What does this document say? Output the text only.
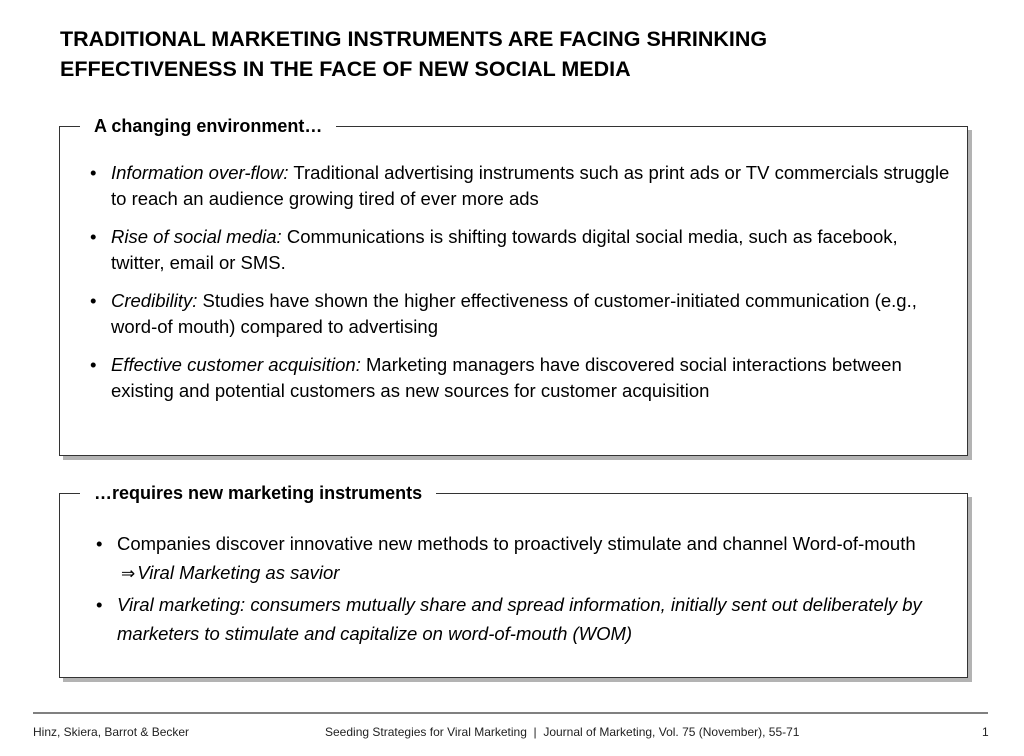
TRADITIONAL MARKETING INSTRUMENTS ARE FACING SHRINKING
EFFECTIVENESS IN THE FACE OF NEW SOCIAL MEDIA
A changing environment…
• Information over-flow: Traditional advertising instruments such as print ads or TV commercials struggle to reach an audience growing tired of ever more ads
• Rise of social media: Communications is shifting towards digital social media, such as facebook, twitter, email or SMS.
• Credibility: Studies have shown the higher effectiveness of customer-initiated communication (e.g., word-of mouth) compared to advertising
• Effective customer acquisition: Marketing managers have discovered social interactions between existing and potential customers as new sources for customer acquisition
…requires new marketing instruments
• Companies discover innovative new methods to proactively stimulate and channel Word-of-mouth ⇒ Viral Marketing as savior
• Viral marketing: consumers mutually share and spread information, initially sent out deliberately by marketers to stimulate and capitalize on word-of-mouth (WOM)
Hinz, Skiera, Barrot & Becker	Seeding Strategies for Viral Marketing  |  Journal of Marketing, Vol. 75 (November), 55-71	1
